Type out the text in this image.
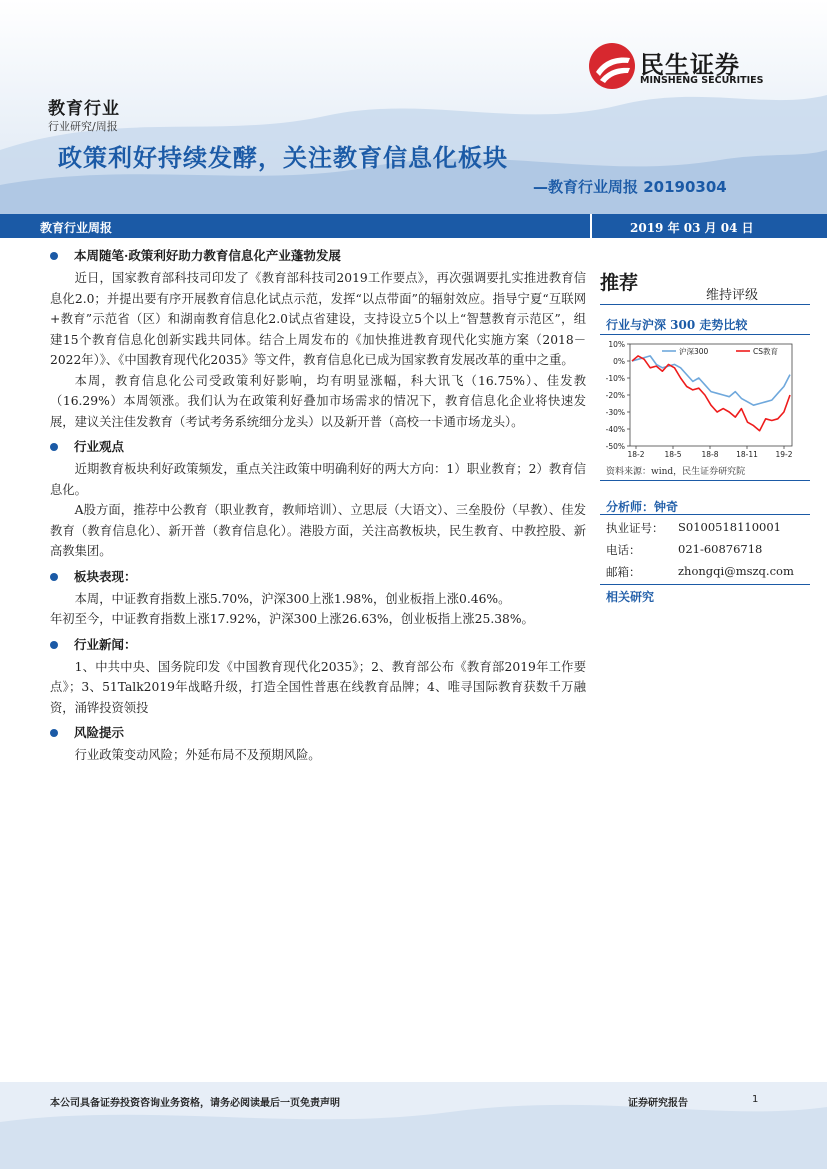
教育行业
行业研究/周报
政策利好持续发酵，关注教育信息化板块
—教育行业周报 20190304
民生证券
MINSHENG SECURITIES
教育行业周报	2019 年 03 月 04 日

本周随笔·政策利好助力教育信息化产业蓬勃发展

近日，国家教育部科技司印发了《教育部科技司2019工作要点》，再次强调要扎实推进教育信息化2.0；并提出要有序开展教育信息化试点示范，发挥“以点带面”的辐射效应。指导宁夏“互联网+教育”示范省（区）和湖南教育信息化2.0试点省建设，支持设立5个以上“智慧教育示范区”，组建15个教育信息化创新实践共同体。结合上周发布的《加快推进教育现代化实施方案（2018－2022年）》、《中国教育现代化2035》等文件，教育信息化已成为国家教育发展改革的重中之重。

本周，教育信息化公司受政策利好影响，均有明显涨幅，科大讯飞（16.75%）、佳发教（16.29%）本周领涨。我们认为在政策利好叠加市场需求的情况下，教育信息化企业将快速发展，建议关注佳发教育（考试考务系统细分龙头）以及新开普（高校一卡通市场龙头）。

行业观点

近期教育板块利好政策频发，重点关注政策中明确利好的两大方向：1）职业教育；2）教育信息化。

A股方面，推荐中公教育（职业教育，教师培训）、立思辰（大语文）、三垒股份（早教）、佳发教育（教育信息化）、新开普（教育信息化）。港股方面，关注高教板块，民生教育、中教控股、新高教集团。

板块表现：

本周，中证教育指数上涨5.70%，沪深300上涨1.98%，创业板指上涨0.46%。

年初至今，中证教育指数上涨17.92%，沪深300上涨26.63%，创业板指上涨25.38%。

行业新闻：

1、中共中央、国务院印发《中国教育现代化2035》；2、教育部公布《教育部2019年工作要点》；3、51Talk2019年战略升级，打造全国性普惠在线教育品牌；4、唯寻国际教育获数千万融资，涌铧投资领投

风险提示

行业政策变动风险；外延布局不及预期风险。

推荐
维持评级
行业与沪深 300 走势比较
10%
0%
-10%
-20%
-30%
-40%
-50%
18-2	18-5	18-8 18-11 19-2
沪深300	CS教育
资料来源：wind，民生证券研究院
分析师：钟奇
执业证号： S0100518110001
电话：	021-60876718
邮箱：	zhongqi@mszq.com
相关研究
本公司具备证券投资咨询业务资格，请务必阅读最后一页免责声明	证券研究报告	1
